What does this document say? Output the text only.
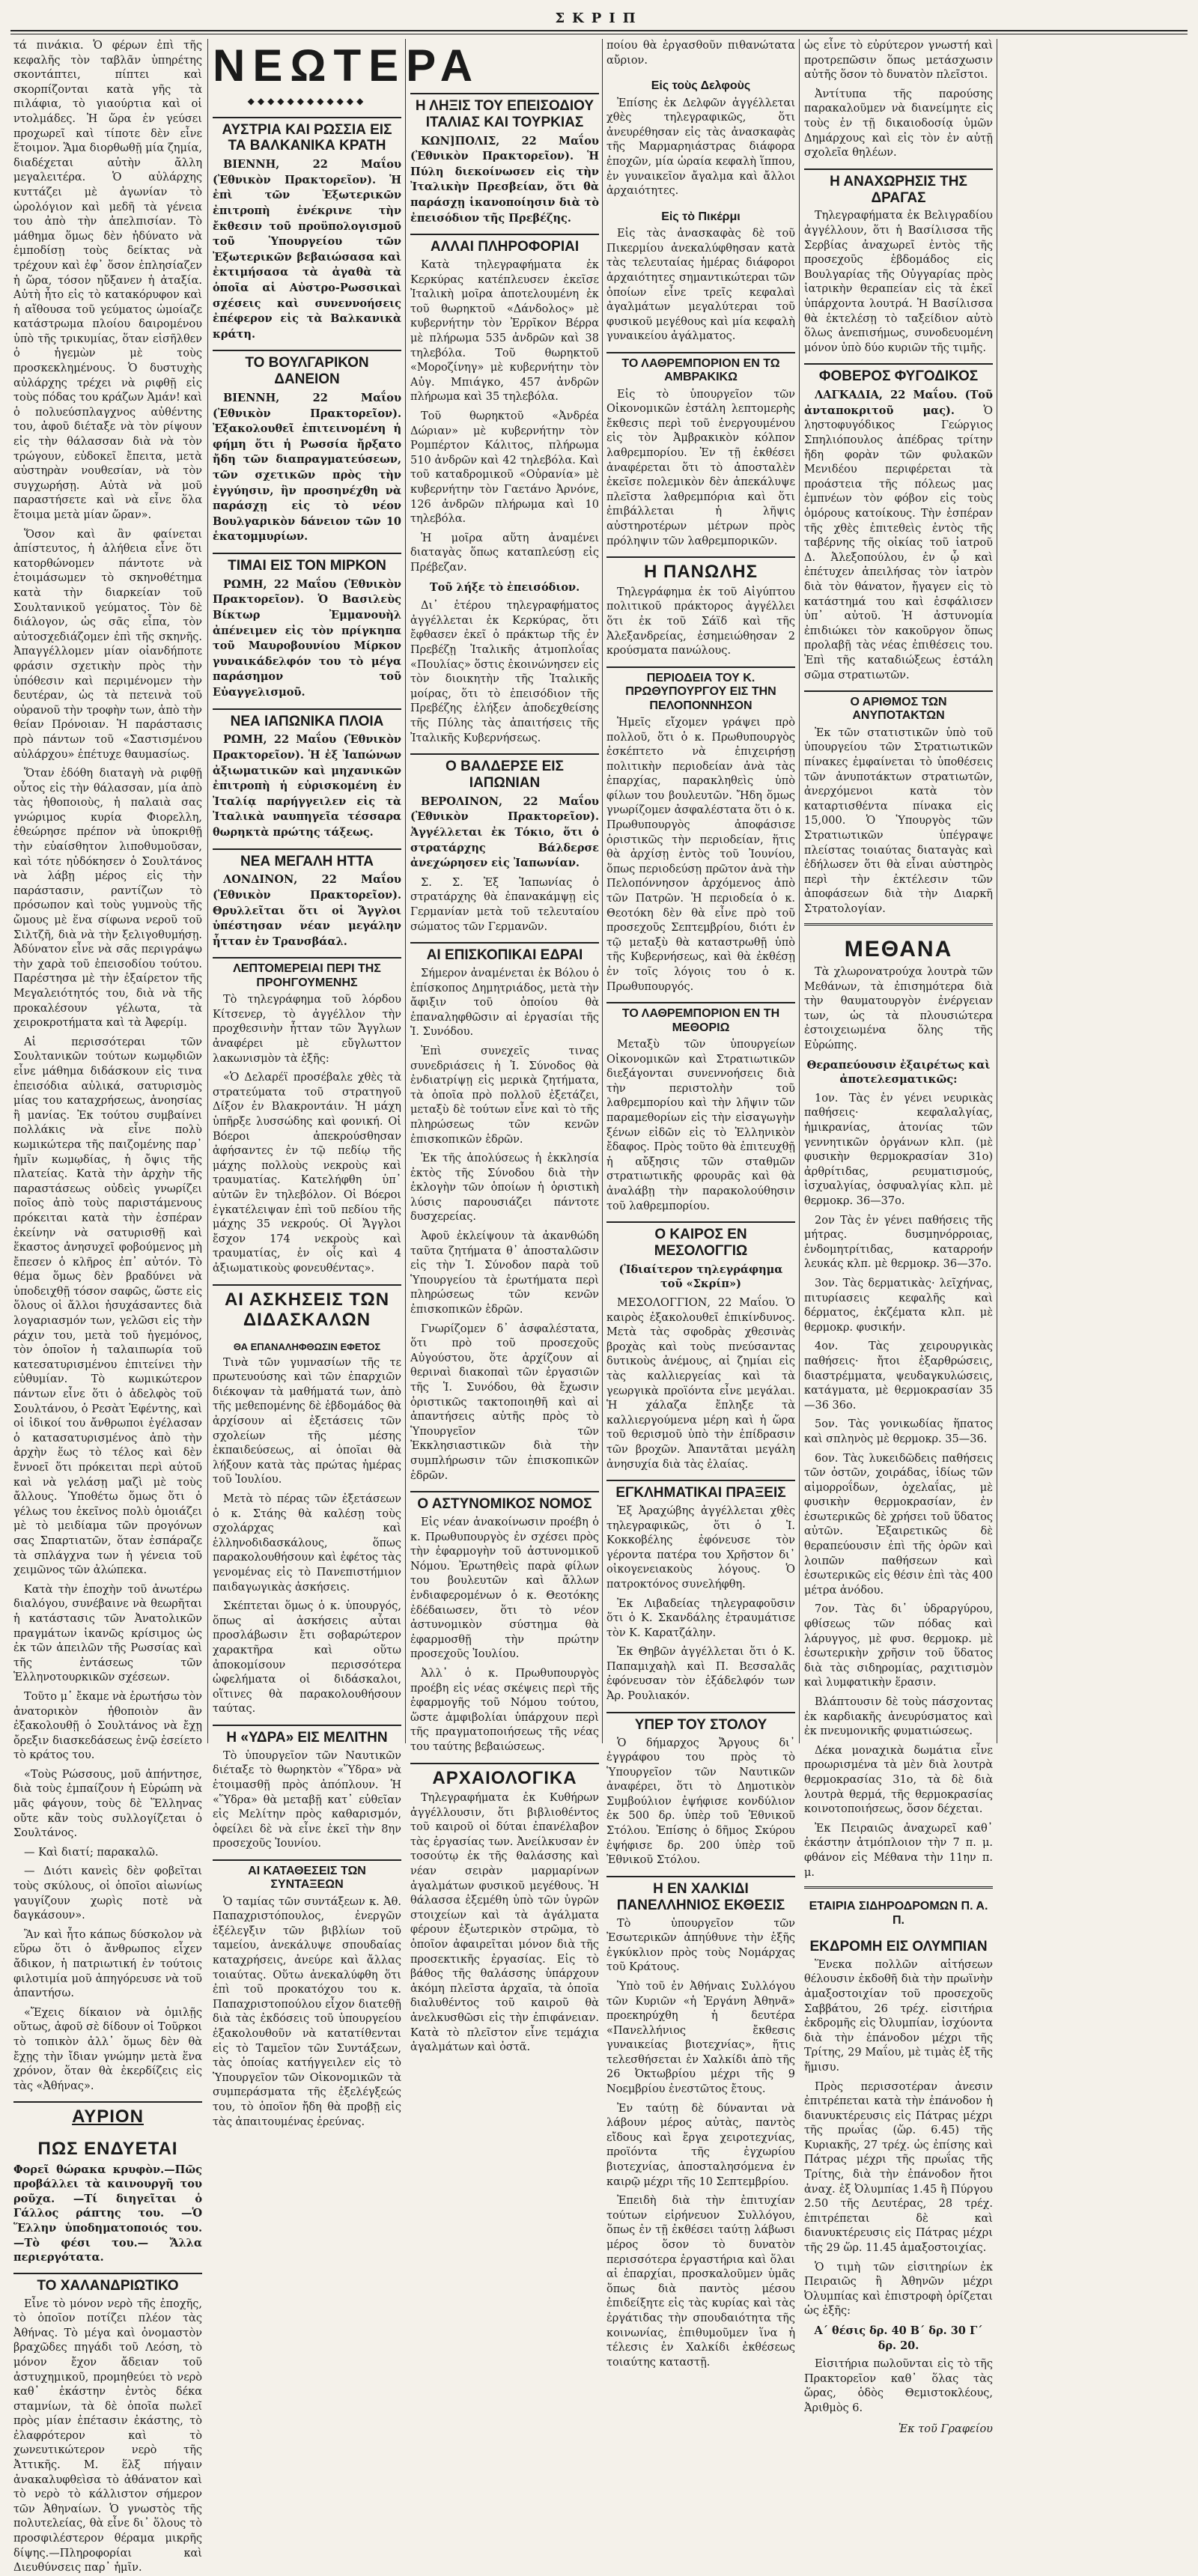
ΣΚΡΙΠ

τά πινάκια. Ὁ φέρων ἐπὶ τῆς κεφαλῆς τὸν ταβλᾶν ὑπηρέτης σκοντάπτει, πίπτει καὶ σκορπίζονται κατὰ γῆς τὰ πιλάφια, τὸ γιαούρτια καὶ οἱ ντολμάδες. Ἡ ὥρα ἐν γεύσει προχωρεῖ καὶ τίποτε δὲν εἶνε ἕτοιμον. Ἅμα διορθωθῇ μία ζημία, διαδέχεται αὐτὴν ἄλλη μεγαλειτέρα. Ὁ αὐλάρχης κυττάζει μὲ ἀγωνίαν τὸ ὡρολόγιον καὶ μεδῆ τὰ γένεια του ἀπὸ τὴν ἀπελπισίαν. Τὸ μάθημα ὅμως δὲν ἠδύνατο νὰ ἐμποδίσῃ τοὺς δείκτας νὰ τρέχουν καὶ ἐφ᾽ ὅσον ἐπλησίαζεν ἡ ὥρα, τόσον ηὔξανεν ἡ ἀταξία. Αὐτὴ ἦτο εἰς τὸ κατακόρυφον καὶ ἡ αἴθουσα τοῦ γεύματος ὡμοίαζε κατάστρωμα πλοίου δαιρομένου ὑπὸ τῆς τρικυμίας, ὅταν εἰσῆλθεν ὁ ἡγεμὼν μὲ τοὺς προσκεκλημένους. Ὁ δυστυχὴς αὐλάρχης τρέχει νὰ ριφθῇ εἰς τοὺς πόδας του κράζων Ἀμάν! καὶ ὁ πολυεύσπλαγχνος αὐθέντης του, ἀφοῦ διέταξε νὰ τὸν ρίψουν εἰς τὴν θάλασσαν διὰ νὰ τὸν τρώγουν, εὐδοκεῖ ἔπειτα, μετὰ αὐστηρὰν νουθεσίαν, νὰ τὸν συγχωρήσῃ. Αὐτὰ νὰ μοῦ παραστήσετε καὶ νὰ εἶνε ὅλα ἕτοιμα μετὰ μίαν ὥραν».

Ὅσον καὶ ἂν φαίνεται ἀπίστευτος, ἡ ἀλήθεια εἶνε ὅτι κατορθώνομεν πάντοτε νὰ ἑτοιμάσωμεν τὸ σκηνοθέτημα κατὰ τὴν διαρκείαν τοῦ Σουλτανικοῦ γεύματος. Τὸν δὲ διάλογον, ὡς σᾶς εἶπα, τὸν αὐτοσχεδιάζομεν ἐπὶ τῆς σκηνῆς. Ἀπαγγέλλομεν μίαν οἰανδήποτε φράσιν σχετικὴν πρὸς τὴν ὑπόθεσιν καὶ περιμένομεν τὴν δευτέραν, ὡς τὰ πετεινὰ τοῦ οὐρανοῦ τὴν τροφὴν των, ἀπὸ τὴν θείαν Πρόνοιαν. Ἡ παράστασις πρὸ πάντων τοῦ «Σαστισμένου αὐλάρχου» ἐπέτυχε θαυμασίως.

Ὅταν ἐδόθη διαταγὴ νὰ ριφθῇ οὗτος εἰς τὴν θάλασσαν, μία ἀπὸ τὰς ἠθοποιοὺς, ἡ παλαιὰ σας γνώριμος κυρία Φιορελλη, ἐθεώρησε πρέπον νὰ ὑποκριθῇ τὴν εὐαίσθητον λιποθυμοῦσαν, καὶ τότε ηὐδόκησεν ὁ Σουλτάνος νὰ λάβῃ μέρος εἰς τὴν παράστασιν, ραντίζων τὸ πρόσωπον καὶ τοὺς γυμνοὺς τῆς ὤμους μὲ ἕνα σίφωνα νεροῦ τοῦ Σιλτζῆ, διὰ νὰ τὴν ξελιγοθυμήσῃ. Ἀδύνατον εἶνε νὰ σᾶς περιγράψω τὴν χαρὰ τοῦ ἐπεισοδίου τούτου. Παρέστησα μὲ τὴν ἐξαίρετον τῆς Μεγαλειότητός του, διὰ νὰ τῆς προκαλέσουν γέλωτα, τὰ χειροκροτήματα καὶ τὰ Ἀφερίμ.

Αἱ περισσότεραι τῶν Σουλτανικῶν τούτων κωμῳδιῶν εἶνε μάθημα διδάσκουν εἰς τινα ἐπεισόδια αὐλικά, σατυρισμὸς μίας του καταχρήσεως, ἀνοησίας ἢ μανίας. Ἐκ τούτου συμβαίνει πολλάκις νὰ εἶνε πολὺ κωμικώτερα τῆς παιζομένης παρ᾽ ἡμῖν κωμῳδίας, ἡ ὄψις τῆς πλατείας. Κατὰ τὴν ἀρχὴν τῆς παραστάσεως οὐδεὶς γνωρίζει ποῖος ἀπὸ τοὺς παριστάμενους πρόκειται κατὰ τὴν ἐσπέραν ἐκείνην νὰ σατυρισθῇ καὶ ἕκαστος ἀνησυχεῖ φοβούμενος μὴ ἔπεσεν ὁ κλῆρος ἐπ᾽ αὐτόν. Τὸ θέμα ὅμως δὲν βραδύνει νὰ ὑποδειχθῇ τόσον σαφῶς, ὥστε εἰς ὅλους οἱ ἄλλοι ἡσυχάσαντες διὰ λογαριασμόν των, γελῶσι εἰς τὴν ράχιν του, μετὰ τοῦ ἡγεμόνος, τὸν ὁποῖον ἡ ταλαιπωρία τοῦ κατεσατυρισμένου ἐπιτείνει τὴν εὐθυμίαν. Τὸ κωμικώτερον πάντων εἶνε ὅτι ὁ ἀδελφὸς τοῦ Σουλτάνου, ὁ Ρεσὰτ Ἐφέντης, καὶ οἱ ἰδικοί του ἄνθρωποι ἐγέλασαν ὁ κατασατυρισμένος ἀπὸ τὴν ἀρχὴν ἕως τὸ τέλος καὶ δὲν ἔννοεῖ ὅτι πρόκειται περὶ αὐτοῦ καὶ νὰ γελάσῃ μαζὶ μὲ τοὺς ἄλλους. Ὑποθέτω ὅμως ὅτι ὁ γέλως του ἐκεῖνος πολὺ ὁμοιάζει μὲ τὸ μειδίαμα τῶν προγόνων σας Σπαρτιατῶν, ὅταν ἐσπάραζε τὰ σπλάγχνα των ἡ γένεια τοῦ χειμῶνος τῶν ἀλώπεκα.

Κατὰ τὴν ἐποχὴν τοῦ ἀνωτέρω διαλόγου, συνέβαινε νὰ θεωρῆται ἡ κατάστασις τῶν Ἀνατολικῶν πραγμάτων ἱκανῶς κρίσιμος ὡς ἐκ τῶν ἀπειλῶν τῆς Ρωσσίας καὶ τῆς ἐντάσεως τῶν Ἑλληνοτουρκικῶν σχέσεων.

Τοῦτο μ᾽ ἔκαμε νὰ ἐρωτήσω τὸν ἀνατορικὸν ἠθοποιὸν ἂν ἐξακολουθῇ ὁ Σουλτάνος νὰ ἔχῃ ὄρεξιν διασκεδάσεως ἐνῷ ἐσείετο τὸ κράτος του.

«Τοὺς Ρώσσους, μοῦ ἀπήντησε, διὰ τοὺς ἐμπαίζουν ἡ Εὐρώπη νὰ μᾶς φάγουν, τοὺς δὲ Ἕλληνας οὔτε κἂν τοὺς συλλογίζεται ὁ Σουλτάνος.

— Καὶ διατί; παρακαλῶ.

— Διότι κανεὶς δὲν φοβεῖται τοὺς σκύλους, οἱ ὁποῖοι αἰωνίως γαυγίζουν χωρὶς ποτὲ νὰ δαγκάσουν».

Ἂν καὶ ἦτο κάπως δύσκολον νὰ εὕρω ὅτι ὁ ἄνθρωπος εἶχεν ἄδικον, ἡ πατριωτική ἐν τούτοις φιλοτιμία μοῦ ἀπηγόρευσε νὰ τοῦ ἀπαντήσω.

«Ἔχεις δίκαιον νὰ ὁμιλῇς οὕτως, ἀφοῦ σὲ δίδουν οἱ Τοῦρκοι τὸ τοπικὸν ἀλλ᾽ ὅμως δὲν θὰ ἔχῃς τὴν ἴδιαν γνώμην μετὰ ἕνα χρόνον, ὅταν θὰ ἐκερδίζεις εἰς τὰς «Ἀθήνας».

ΑΥΡΙΟΝ
ΠΩΣ ΕΝΔΥΕΤΑΙ

Φορεῖ θώρακα κρυφὸν.—Πῶς προβάλλει τὰ καινουργῆ του ροῦχα. —Τί διηγεῖται ὁ Γάλλος ράπτης του. —Ὁ Ἕλλην ὑποδηματοποιός του.—Τὸ φέσι του.— Ἄλλα περιεργότατα.

ΤΟ ΧΑΛΑΝΔΡΙΩΤΙΚΟ

Εἶνε τὸ μόνον νερὸ τῆς ἐποχῆς, τὸ ὁποῖον ποτίζει πλέον τὰς Ἀθήνας. Τὸ μέγα καὶ ὀνομαστὸν βραχῶδες πηγάδι τοῦ Λεόση, τὸ μόνον ἔχον ἄδειαν τοῦ ἀστυχημικοῦ, προμηθεύει τὸ νερὸ καθ᾽ ἑκάστην ἐντὸς δέκα σταμνίων, τὰ δὲ ὁποῖα πωλεῖ πρὸς μίαν ἐπέτασιν ἐκάστης, τὸ ἐλαφρότερον καὶ τὸ χωνευτικώτερον νερὸ τῆς Ἀττικῆς. Μ. ἕλξ πήγαιν ἀνακαλυφθεὶσα τὸ ἀθάνατον καὶ τὸ νερὸ τὸ κάλλιστον σήμερον τῶν Ἀθηναίων. Ὁ γνωστὸς τῆς πολυτελείας, θὰ εἶνε δι᾽ ὅλους τὸ προσφιλέστερον θέραμα μικρῆς δίψης.—Πληροφορίαι καὶ Διευθύνσεις παρ᾽ ἡμῖν.

ΝΕΩΤΕΡΑ
◆◆◆◆◆◆◆◆◆◆◆◆
ΑΥΣΤΡΙΑ ΚΑΙ ΡΩΣΣΙΑ ΕΙΣ ΤΑ ΒΑΛΚΑΝΙΚΑ ΚΡΑΤΗ

ΒΙΕΝΝΗ, 22 Μαΐου (Ἐθνικὸν Πρακτορεῖον). Ἡ ἐπὶ τῶν Ἐξωτερικῶν ἐπιτροπὴ ἐνέκρινε τὴν ἔκθεσιν τοῦ προϋπολογισμοῦ τοῦ Ὑπουργείου τῶν Ἐξωτερικῶν βεβαιώσασα καὶ ἐκτιμήσασα τὰ ἀγαθὰ τὰ ὁποῖα αἱ Αὐστρο-Ρωσσικαὶ σχέσεις καὶ συνεννοήσεις ἐπέφερον εἰς τὰ Βαλκανικὰ κράτη.

ΤΟ ΒΟΥΛΓΑΡΙΚΟΝ ΔΑΝΕΙΟΝ

ΒΙΕΝΝΗ, 22 Μαΐου (Ἐθνικὸν Πρακτορεῖον). Ἐξακολουθεῖ ἐπιτεινομένη ἡ φήμη ὅτι ἡ Ρωσσία ἤρξατο ἤδη τῶν διαπραγματεύσεων, τῶν σχετικῶν πρὸς τὴν ἐγγύησιν, ἣν προσηνέχθη νὰ παράσχῃ εἰς τὸ νέον Βουλγαρικὸν δάνειον τῶν 10 ἑκατομμυρίων.

ΤΙΜΑΙ ΕΙΣ ΤΟΝ ΜΙΡΚΟΝ

ΡΩΜΗ, 22 Μαΐου (Ἐθνικὸν Πρακτορεῖον). Ὁ Βασιλεὺς Βίκτωρ Ἐμμανουὴλ ἀπένειμεν εἰς τὸν πρίγκηπα τοῦ Μαυροβουνίου Μίρκον γυναικάδελφόν του τὸ μέγα παράσημον τοῦ Εὐαγγελισμοῦ.

ΝΕΑ ΙΑΠΩΝΙΚΑ ΠΛΟΙΑ

ΡΩΜΗ, 22 Μαΐου (Ἐθνικὸν Πρακτορεῖον). Ἡ ἐξ Ἰαπώνων ἀξιωματικῶν καὶ μηχανικῶν ἐπιτροπὴ ἡ εὑρισκομένη ἐν Ἰταλίᾳ παρήγγειλεν εἰς τὰ Ἰταλικὰ ναυπηγεῖα τέσσαρα θωρηκτὰ πρώτης τάξεως.

ΝΕΑ ΜΕΓΑΛΗ ΗΤΤΑ

ΛΟΝΔΙΝΟΝ, 22 Μαΐου (Ἐθνικὸν Πρακτορεῖον). Θρυλλεῖται ὅτι οἱ Ἄγγλοι ὑπέστησαν νέαν μεγάλην ἧτταν ἐν Τρανσβάαλ.

ΛΕΠΤΟΜΕΡΕΙΑΙ ΠΕΡΙ ΤΗΣ ΠΡΟΗΓΟΥΜΕΝΗΣ

Τὸ τηλεγράφημα τοῦ λόρδου Κίτσενερ, τὸ ἀγγέλλον τὴν προχθεσινὴν ἧτταν τῶν Ἄγγλων ἀναφέρει μὲ εὔγλωττον λακωνισμὸν τὰ ἑξῆς:

«Ὁ Δελαρέϊ προσέβαλε χθὲς τὰ στρατεύματα τοῦ στρατηγοῦ Δίξον ἐν Βλακροντάιν. Ἡ μάχη ὑπῆρξε λυσσώδης καὶ φονική. Οἱ Βόεροι ἀπεκρούσθησαν ἀφήσαντες ἐν τῷ πεδίῳ τῆς μάχης πολλοὺς νεκροὺς καὶ τραυματίας. Κατελήφθη ὑπ᾽ αὐτῶν ἓν τηλεβόλον. Οἱ Βόεροι ἐγκατέλειψαν ἐπὶ τοῦ πεδίου τῆς μάχης 35 νεκρούς. Οἱ Ἄγγλοι ἔσχον 174 νεκροὺς καὶ τραυματίας, ἐν οἷς καὶ 4 ἀξιωματικοὺς φονευθέντας».

ΑΙ ΑΣΚΗΣΕΙΣ ΤΩΝ ΔΙΔΑΣΚΑΛΩΝ
ΘΑ ΕΠΑΝΑΛΗΦΘΩΣΙΝ ΕΦΕΤΟΣ

Τινὰ τῶν γυμνασίων τῆς τε πρωτευούσης καὶ τῶν ἐπαρχιῶν διέκοψαν τὰ μαθήματά των, ἀπὸ τῆς μεθεπομένης δὲ ἑβδομάδος θὰ ἀρχίσουν αἱ ἐξετάσεις τῶν σχολείων τῆς μέσης ἐκπαιδεύσεως, αἱ ὁποῖαι θὰ λήξουν κατὰ τὰς πρώτας ἡμέρας τοῦ Ἰουλίου.

Μετὰ τὸ πέρας τῶν ἐξετάσεων ὁ κ. Στάης θὰ καλέσῃ τοὺς σχολάρχας καὶ ἑλληνοδιδασκάλους, ὅπως παρακολουθήσουν καὶ ἐφέτος τὰς γενομένας εἰς τὸ Πανεπιστήμιον παιδαγωγικὰς ἀσκήσεις.

Σκέπτεται ὅμως ὁ κ. ὑπουργός, ὅπως αἱ ἀσκήσεις αὗται προσλάβωσιν ἔτι σοβαρώτερον χαρακτῆρα καὶ οὕτω ἀποκομίσουν περισσότερα ὠφελήματα οἱ διδάσκαλοι, οἵτινες θὰ παρακολουθήσουν ταύτας.

Η «ΥΔΡΑ» ΕΙΣ ΜΕΛΙΤΗΝ

Τὸ ὑπουργεῖον τῶν Ναυτικῶν διέταξε τὸ θωρηκτὸν «Ὕδρα» νὰ ἑτοιμασθῇ πρὸς ἀπόπλουν. Ἡ «Ὕδρα» θὰ μεταβῇ κατ᾽ εὐθεῖαν εἰς Μελίτην πρὸς καθαρισμόν, ὀφείλει δὲ νὰ εἶνε ἐκεῖ τὴν 8ην προσεχοῦς Ἰουνίου.

ΑΙ ΚΑΤΑΘΕΣΕΙΣ ΤΩΝ ΣΥΝΤΑΞΕΩΝ

Ὁ ταμίας τῶν συντάξεων κ. Ἀθ. Παπαχριστόπουλος, ἐνεργῶν ἐξέλεγξιν τῶν βιβλίων τοῦ ταμείου, ἀνεκάλυψε σπουδαίας καταχρήσεις, ἀνεύρε καὶ ἄλλας τοιαύτας. Οὕτω ἀνεκαλύφθη ὅτι ἐπὶ τοῦ προκατόχου του κ. Παπαχριστοπούλου εἶχον διατεθῇ διὰ τὰς ἐκδόσεις τοῦ ὑπουργείου ἐξακολουθοῦν νὰ κατατίθενται εἰς τὸ Ταμεῖον τῶν Συντάξεων, τὰς ὁποίας κατήγγειλεν εἰς τὸ Ὑπουργεῖον τῶν Οἰκονομικῶν τὰ συμπεράσματα τῆς ἐξελέγξεώς του, τὸ ὁποῖον ἤδη θὰ προβῇ εἰς τὰς ἀπαιτουμένας ἐρεύνας.

Η ΛΗΞΙΣ ΤΟΥ ΕΠΕΙΣΟΔΙΟΥ ΙΤΑΛΙΑΣ ΚΑΙ ΤΟΥΡΚΙΑΣ

ΚΩΝ]ΠΟΛΙΣ, 22 Μαΐου (Ἐθνικὸν Πρακτορεῖον). Ἡ Πύλη διεκοίνωσεν εἰς τὴν Ἰταλικὴν Πρεσβείαν, ὅτι θὰ παράσχῃ ἱκανοποίησιν διὰ τὸ ἐπεισόδιον τῆς Πρεβέζης.

ΑΛΛΑΙ ΠΛΗΡΟΦΟΡΙΑΙ

Κατὰ τηλεγραφήματα ἐκ Κερκύρας κατέπλευσεν ἐκεῖσε Ἰταλικὴ μοῖρα ἀποτελουμένη ἐκ τοῦ θωρηκτοῦ «Δάνδολος» μὲ κυβερνήτην τὸν Ἐρρῖκον Βέρρα μὲ πλήρωμα 535 ἀνδρῶν καὶ 38 τηλεβόλα. Τοῦ θωρηκτοῦ «Μοροζίνηγ» μὲ κυβερνήτην τὸν Αὐγ. Μπιάγκο, 457 ἀνδρῶν πλήρωμα καὶ 35 τηλεβόλα.

Τοῦ θωρηκτοῦ «Ἀνδρέα Δώριαν» μὲ κυβερνήτην τὸν Ρομπέρτον Κάλιτος, πλήρωμα 510 ἀνδρῶν καὶ 42 τηλεβόλα. Καὶ τοῦ καταδρομικοῦ «Οὐρανία» μὲ κυβερνήτην τὸν Γαετάνο Ἀρνόνε, 126 ἀνδρῶν πλήρωμα καὶ 10 τηλεβόλα.

Ἡ μοῖρα αὕτη ἀναμένει διαταγὰς ὅπως καταπλεύσῃ εἰς Πρέβεζαν.

Τοῦ λήξε τὸ ἐπεισόδιον.

Δι᾽ ἑτέρου τηλεγραφήματος ἀγγέλλεται ἐκ Κερκύρας, ὅτι ἔφθασεν ἐκεῖ ὁ πράκτωρ τῆς ἐν Πρεβέζῃ Ἰταλικῆς ἀτμοπλοΐας «Πουλίας» ὅστις ἐκοινώνησεν εἰς τὸν διοικητὴν τῆς Ἰταλικῆς μοίρας, ὅτι τὸ ἐπεισόδιον τῆς Πρεβέζης ἐλήξεν ἀποδεχθείσης τῆς Πύλης τὰς ἀπαιτήσεις τῆς Ἰταλικῆς Κυβερνήσεως.

Ο ΒΑΛΔΕΡΣΕ ΕΙΣ ΙΑΠΩΝΙΑΝ

ΒΕΡΟΛΙΝΟΝ, 22 Μαΐου (Ἐθνικὸν Πρακτορεῖον). Ἀγγέλλεται ἐκ Τόκιο, ὅτι ὁ στρατάρχης Βάλδερσε ἀνεχώρησεν εἰς Ἰαπωνίαν.

Σ. Σ. Ἐξ Ἰαπωνίας ὁ στρατάρχης θὰ ἐπανακάμψῃ εἰς Γερμανίαν μετὰ τοῦ τελευταίου σώματος τῶν Γερμανῶν.

ΑΙ ΕΠΙΣΚΟΠΙΚΑΙ ΕΔΡΑΙ

Σήμερον ἀναμένεται ἐκ Βόλου ὁ ἐπίσκοπος Δημητριάδος, μετὰ τὴν ἄφιξιν τοῦ ὁποίου θὰ ἐπαναληφθῶσιν αἱ ἐργασίαι τῆς Ἱ. Συνόδου.

Ἐπὶ συνεχεῖς τινας συνεδριάσεις ἡ Ἱ. Σύνοδος θὰ ἐνδιατρίψῃ εἰς μερικὰ ζητήματα, τὰ ὁποῖα πρὸ πολλοῦ ἐξετάζει, μεταξὺ δὲ τούτων εἶνε καὶ τὸ τῆς πληρώσεως τῶν κενῶν ἐπισκοπικῶν ἑδρῶν.

Ἐκ τῆς ἀπολύσεως ἡ ἐκκλησία ἐκτὸς τῆς Σύνοδου διὰ τὴν ἐκλογὴν τῶν ὁποίων ἡ ὁριστικὴ λύσις παρουσιάζει πάντοτε δυσχερείας.

Ἀφοῦ ἐκλείψουν τὰ ἀκανθώδη ταῦτα ζητήματα θ᾽ ἀποσταλῶσιν εἰς τὴν Ἱ. Σύνοδον παρὰ τοῦ Ὑπουργείου τὰ ἐρωτήματα περὶ πληρώσεως τῶν κενῶν ἐπισκοπικῶν ἑδρῶν.

Γνωρίζομεν δ᾽ ἀσφαλέστατα, ὅτι πρὸ τοῦ προσεχοῦς Αὐγούστου, ὅτε ἀρχίζουν αἱ θεριναὶ διακοπαὶ τῶν ἐργασιῶν τῆς Ἱ. Συνόδου, θὰ ἔχωσιν ὁριστικῶς τακτοποιηθῆ καὶ αἱ ἀπαντήσεις αὐτῆς πρὸς τὸ Ὑπουργεῖον τῶν Ἐκκλησιαστικῶν διὰ τὴν συμπλήρωσιν τῶν ἐπισκοπικῶν ἑδρῶν.

Ο ΑΣΤΥΝΟΜΙΚΟΣ ΝΟΜΟΣ

Εἰς νέαν ἀνακοίνωσιν προέβη ὁ κ. Πρωθυπουργὸς ἐν σχέσει πρὸς τὴν ἐφαρμογὴν τοῦ ἀστυνομικοῦ Νόμου. Ἐρωτηθεὶς παρὰ φίλων του βουλευτῶν καὶ ἄλλων ἐνδιαφερομένων ὁ κ. Θεοτόκης ἐδέδαιωσεν, ὅτι τὸ νέον ἀστυνομικὸν σύστημα θὰ ἐφαρμοσθῇ τὴν πρώτην προσεχοῦς Ἰουλίου.

Ἀλλ᾽ ὁ κ. Πρωθυπουργὸς προέβη εἰς νέας σκέψεις περὶ τῆς ἐφαρμογῆς τοῦ Νόμου τούτου, ὥστε ἀμφιβολίαι ὑπάρχουν περὶ τῆς πραγματοποιήσεως τῆς νέας του ταύτης βεβαιώσεως.

ΑΡΧΑΙΟΛΟΓΙΚΑ

Τηλεγραφήματα ἐκ Κυθήρων ἀγγέλλουσιν, ὅτι βιβλιοθέντος τοῦ καιροῦ οἱ δύται ἐπανέλαβον τὰς ἐργασίας των. Ἀνείλκυσαν ἐν τοσούτῳ ἐκ τῆς θαλάσσης καὶ νέαν σειρὰν μαρμαρίνων ἀγαλμάτων φυσικοῦ μεγέθους. Ἡ θάλασσα ἐξεμέθη ὑπὸ τῶν ὑγρῶν στοιχείων καὶ τὰ ἀγάλματα φέρουν ἐξωτερικὸν στρῶμα, τὸ ὁποῖον ἀφαιρεῖται μόνον διὰ τῆς προσεκτικῆς ἐργασίας. Εἰς τὸ βάθος τῆς θαλάσσης ὑπάρχουν ἀκόμη πλεῖστα ἀρχαῖα, τὰ ὁποῖα διαλυθέντος τοῦ καιροῦ θὰ ἀνελκυσθῶσι εἰς τὴν ἐπιφάνειαν. Κατὰ τὸ πλεῖστον εἶνε τεμάχια ἀγαλμάτων καὶ ὀστᾶ.

ποίου θὰ ἐργασθοῦν πιθανώτατα αὔριον.

Εἰς τοὺς Δελφοὺς

Ἐπίσης ἐκ Δελφῶν ἀγγέλλεται χθὲς τηλεγραφικῶς, ὅτι ἀνευρέθησαν εἰς τὰς ἀνασκαφὰς τῆς Μαρμαρηιάστρας διάφορα ἐποχῶν, μία ὡραία κεφαλὴ ἵππου, ἐν γυναικεῖον ἄγαλμα καὶ ἄλλοι ἀρχαιότητες.

Εἰς τὸ Πικέρμι

Εἰς τὰς ἀνασκαφὰς δὲ τοῦ Πικερμίου ἀνεκαλύφθησαν κατὰ τὰς τελευταίας ἡμέρας διάφοροι ἀρχαιότητες σημαντικώτεραι τῶν ὁποίων εἶνε τρεῖς κεφαλαὶ ἀγαλμάτων μεγαλύτεραι τοῦ φυσικοῦ μεγέθους καὶ μία κεφαλὴ γυναικείου ἀγάλματος.

ΤΟ ΛΑΘΡΕΜΠΟΡΙΟΝ ΕΝ ΤΩ ΑΜΒΡΑΚΙΚΩ

Εἰς τὸ ὑπουργεῖον τῶν Οἰκονομικῶν ἐστάλη λεπτομερὴς ἔκθεσις περὶ τοῦ ἐνεργουμένου εἰς τὸν Ἀμβρακικὸν κόλπον λαθρεμπορίου. Ἐν τῇ ἐκθέσει ἀναφέρεται ὅτι τὸ ἀποσταλὲν ἐκεῖσε πολεμικὸν δὲν ἀπεκάλυψε πλεῖστα λαθρεμπόρια καὶ ὅτι ἐπιβάλλεται ἡ λῆψις αὐστηροτέρων μέτρων πρὸς πρόληψιν τῶν λαθρεμπορικῶν.

Η ΠΑΝΩΛΗΣ

Τηλεγράφημα ἐκ τοῦ Αἰγύπτου πολιτικοῦ πράκτορος ἀγγέλλει ὅτι ἐκ τοῦ Σάϊδ καὶ τῆς Ἀλεξανδρείας, ἐσημειώθησαν 2 κρούσματα πανώλους.

ΠΕΡΙΟΔΕΙΑ ΤΟΥ Κ. ΠΡΩΘΥΠΟΥΡΓΟΥ ΕΙΣ ΤΗΝ ΠΕΛΟΠΟΝΝΗΣΟΝ

Ἡμεῖς εἴχομεν γράψει πρὸ πολλοῦ, ὅτι ὁ κ. Πρωθυπουργὸς ἐσκέπτετο νὰ ἐπιχειρήσῃ πολιτικὴν περιοδείαν ἀνὰ τὰς ἐπαρχίας, παρακληθεὶς ὑπὸ φίλων του βουλευτῶν. Ἤδη ὅμως γνωρίζομεν ἀσφαλέστατα ὅτι ὁ κ. Πρωθυπουργὸς ἀποφάσισε ὁριστικῶς τὴν περιοδείαν, ἥτις θὰ ἀρχίσῃ ἐντὸς τοῦ Ἰουνίου, ὅπως περιοδεύσῃ πρῶτον ἀνὰ τὴν Πελοπόννησον ἀρχόμενος ἀπὸ τῶν Πατρῶν. Ἡ περιοδεία ὁ κ. Θεοτόκη δὲν θὰ εἶνε πρὸ τοῦ προσεχοῦς Σεπτεμβρίου, διότι ἐν τῷ μεταξὺ θὰ καταστρωθῇ ὑπὸ τῆς Κυβερνήσεως, καὶ θὰ ἐκθέσῃ ἐν τοῖς λόγοις του ὁ κ. Πρωθυπουργός.

ΤΟ ΛΑΘΡΕΜΠΟΡΙΟΝ ΕΝ ΤΗ ΜΕΘΟΡΙΩ

Μεταξὺ τῶν ὑπουργείων Οἰκονομικῶν καὶ Στρατιωτικῶν διεξάγονται συνεννοήσεις διὰ τὴν περιστολὴν τοῦ λαθρεμπορίου καὶ τὴν λῆψιν τῶν παραμεθορίων εἰς τὴν εἰσαγωγὴν ξένων εἰδῶν εἰς τὸ Ἑλληνικὸν ἔδαφος. Πρὸς τοῦτο θὰ ἐπιτευχθῇ ἡ αὔξησις τῶν σταθμῶν στρατιωτικῆς φρουρᾶς καὶ θὰ ἀναλάβῃ τὴν παρακολούθησιν τοῦ λαθρεμπορίου.

Ο ΚΑΙΡΟΣ ΕΝ ΜΕΣΟΛΟΓΓΙΩ

(Ἰδιαίτερον τηλεγράφημα τοῦ «Σκρίπ»)

ΜΕΣΟΛΟΓΓΙΟΝ, 22 Μαΐου. Ὁ καιρὸς ἐξακολουθεῖ ἐπικίνδυνος. Μετὰ τὰς σφοδρὰς χθεσινὰς βροχὰς καὶ τοὺς πνεύσαντας δυτικοὺς ἀνέμους, αἱ ζημίαι εἰς τὰς καλλιεργείας καὶ τὰ γεωργικὰ προϊόντα εἶνε μεγάλαι. Ἡ χάλαζα ἔπληξε τὰ καλλιεργούμενα μέρη καὶ ἡ ὥρα τοῦ θερισμοῦ ὑπὸ τὴν ἐπίδρασιν τῶν βροχῶν. Ἀπαντᾶται μεγάλη ἀνησυχία διὰ τὰς ἐλαίας.

ΕΓΚΛΗΜΑΤΙΚΑΙ ΠΡΑΞΕΙΣ

Ἐξ Ἀραχώβης ἀγγέλλεται χθὲς τηλεγραφικῶς, ὅτι ὁ Ἰ. Κοκκοβέλης ἐφόνευσε τὸν γέροντα πατέρα του Χρῆστον δι᾽ οἰκογενειακοὺς λόγους. Ὁ πατροκτόνος συνελήφθη.

Ἐκ Λιβαδείας τηλεγραφοῦσιν ὅτι ὁ Κ. Σκανδάλης ἐτραυμάτισε τὸν Κ. Καρατζάλην.

Ἐκ Θηβῶν ἀγγέλλεται ὅτι ὁ Κ. Παπαμιχαὴλ καὶ Π. Βεσσαλᾶς ἐφόνευσαν τὸν ἐξάδελφόν των Ἀρ. Ρουλιακόν.

ΥΠΕΡ ΤΟΥ ΣΤΟΛΟΥ

Ὁ δήμαρχος Ἄργους δι᾽ ἐγγράφου του πρὸς τὸ Ὑπουργεῖον τῶν Ναυτικῶν ἀναφέρει, ὅτι τὸ Δημοτικὸν Συμβούλιον ἐψήφισε κονδύλιον ἐκ 500 δρ. ὑπὲρ τοῦ Ἐθνικοῦ Στόλου. Ἐπίσης ὁ δῆμος Σκύρου ἐψήφισε δρ. 200 ὑπὲρ τοῦ Ἐθνικοῦ Στόλου.

Η ΕΝ ΧΑΛΚΙΔΙ ΠΑΝΕΛΛΗΝΙΟΣ ΕΚΘΕΣΙΣ

Τὸ ὑπουργεῖον τῶν Ἐσωτερικῶν ἀπηύθυνε τὴν ἑξῆς ἐγκύκλιον πρὸς τοὺς Νομάρχας τοῦ Κράτους.

Ὑπὸ τοῦ ἐν Ἀθήναις Συλλόγου τῶν Κυριῶν «ἡ Ἐργάνη Ἀθηνᾶ» προεκηρύχθη ἡ δευτέρα «Πανελλήνιος ἔκθεσις γυναικείας βιοτεχνίας», ἥτις τελεσθήσεται ἐν Χαλκίδι ἀπὸ τῆς 26 Ὀκτωβρίου μέχρι τῆς 9 Νοεμβρίου ἐνεστῶτος ἔτους.

Ἐν ταύτῃ δὲ δύνανται νὰ λάβουν μέρος αὐτὰς, παντὸς εἴδους καὶ ἔργα χειροτεχνίας, προϊόντα τῆς ἐγχωρίου βιοτεχνίας, ἀποσταλησόμενα ἐν καιρῷ μέχρι τῆς 10 Σεπτεμβρίου.

Ἐπειδὴ διὰ τὴν ἐπιτυχίαν τούτων εἰρήνευον Συλλόγου, ὅπως ἐν τῇ ἐκθέσει ταύτῃ λάβωσι μέρος ὅσον τὸ δυνατὸν περισσότερα ἐργαστήρια καὶ ὅλαι αἱ ἐπαρχίαι, προσκαλοῦμεν ὑμᾶς ὅπως διὰ παντὸς μέσου ἐπιδείξητε εἰς τὰς κυρίας καὶ τὰς ἐργάτιδας τὴν σπουδαιότητα τῆς κοινωνίας, ἐπιθυμοῦμεν ἵνα ἡ τέλεσις ἐν Χαλκίδι ἐκθέσεως τοιαύτης καταστῇ.

ὡς εἶνε τὸ εὐρύτερον γνωστή καὶ προτρεπῶσιν ὅπως μετάσχωσιν αὐτῆς ὅσον τὸ δυνατὸν πλεῖστοι.

Ἀντίτυπα τῆς παρούσης παρακαλοῦμεν νὰ διανείμητε εἰς τοὺς ἐν τῇ δικαιοδοσίᾳ ὑμῶν Δημάρχους καὶ εἰς τὸν ἐν αὐτῇ σχολεῖα θηλέων.

Η ΑΝΑΧΩΡΗΣΙΣ ΤΗΣ ΔΡΑΓΑΣ

Τηλεγραφήματα ἐκ Βελιγραδίου ἀγγέλλουν, ὅτι ἡ Βασίλισσα τῆς Σερβίας ἀναχωρεῖ ἐντὸς τῆς προσεχοῦς ἑβδομάδος εἰς Βουλγαρίας τῆς Οὐγγαρίας πρὸς ἰατρικὴν θεραπείαν εἰς τὰ ἐκεῖ ὑπάρχοντα λουτρά. Ἡ Βασίλισσα θὰ ἐκτελέσῃ τὸ ταξείδιον αὐτὸ ὅλως ἀνεπισήμως, συνοδευομένη μόνον ὑπὸ δύο κυριῶν τῆς τιμῆς.

ΦΟΒΕΡΟΣ ΦΥΓΟΔΙΚΟΣ

ΛΑΓΚΑΔΙΑ, 22 Μαΐου. (Τοῦ ἀνταποκριτοῦ μας).	Ὁ ληστοφυγόδικος Γεώργιος Σπηλιόπουλος ἀπέδρας τρίτην ἤδη φορὰν τῶν φυλακῶν Μενιδέου περιφέρεται τὰ προάστεια τῆς πόλεως μας ἐμπνέων τὸν φόβον εἰς τοὺς ὁμόρους κατοίκους. Τὴν ἐσπέραν τῆς χθὲς ἐπιτεθεὶς ἐντὸς τῆς ταβέρνης τῆς οἰκίας τοῦ ἰατροῦ Δ. Ἀλεξοπούλου, ἐν ᾧ καὶ ἐπέτυχεν ἀπειλήσας τὸν ἰατρὸν διὰ τὸν θάνατον, ἤγαγεν εἰς τὸ κατάστημά του καὶ ἐσφάλισεν ὑπ᾽ αὐτοῦ. Ἡ ἀστυνομία ἐπιδιώκει τὸν κακοῦργον ὅπως προλαβῇ τὰς νέας ἐπιθέσεις του. Ἐπὶ τῆς καταδιώξεως ἐστάλη σῶμα στρατιωτῶν.

Ο ΑΡΙΘΜΟΣ ΤΩΝ ΑΝΥΠΟΤΑΚΤΩΝ

Ἐκ τῶν στατιστικῶν ὑπὸ τοῦ ὑπουργείου τῶν Στρατιωτικῶν πίνακες ἐμφαίνεται τὸ ὑποθέσεις τῶν ἀνυποτάκτων στρατιωτῶν, ἀνερχόμενοι κατὰ τὸν καταρτισθέντα πίνακα εἰς 15,000. Ὁ Ὑπουργὸς τῶν Στρατιωτικῶν ὑπέγραψε πλείστας τοιαύτας διαταγὰς καὶ ἐδήλωσεν ὅτι θὰ εἶναι αὐστηρὸς περὶ τὴν ἐκτέλεσιν τῶν ἀποφάσεων διὰ τὴν Διαρκῆ Στρατολογίαν.

ΜΕΘΑΝΑ

Τὰ χλωρονατρούχα λουτρὰ τῶν Μεθάνων, τὰ ἐπισημότερα διὰ τὴν θαυματουργὸν ἐνέργειαν των, ὡς τὰ πλουσιώτερα ἐστοιχειωμένα ὅλης τῆς Εὐρώπης.

Θεραπεύουσιν ἐξαιρέτως καὶ ἀποτελεσματικῶς:

1ον. Τὰς ἐν γένει νευρικὰς παθήσεις· κεφαλαλγίας, ἡμικρανίας, ἀτονίας τῶν γεννητικῶν ὀργάνων κλπ. (μὲ φυσικὴν θερμοκρασίαν 31ο) ἀρθρίτιδας, ρευματισμούς, ἰσχυαλγίας, ὀσφυαλγίας κλπ. μὲ θερμοκρ. 36—37ο.

2ον Τὰς ἐν γένει παθήσεις τῆς μήτρας. δυσμηνόρροιας, ἐνδομητρίτιδας, καταρροήν λευκάς κλπ. μὲ θερμοκρ. 36—37ο.

3ον. Τὰς δερματικὰς· λεῖχήνας, πιτυρίασεις κεφαλῆς καὶ δέρματος, ἐκζέματα κλπ. μὲ θερμοκρ. φυσικήν.

4ον. Τὰς χειρουργικὰς παθήσεις· ἤτοι ἐξαρθρώσεις, διαστρέμματα, ψευδαγκυλώσεις, κατάγματα, μὲ θερμοκρασίαν 35—36 36ο.

5ον. Τὰς γονικωδίας ἥπατος καὶ σπληνὸς μὲ θερμοκρ. 35—36.

6ον. Τὰς λυκειδῶδεις παθήσεις τῶν ὀστῶν, χοιράδας, ἰδίως τῶν αἰμορροΐδων, ὀχελαΐας, μὲ φυσικὴν θερμοκρασίαν, ἐν ἐσωτερικῶς δὲ χρήσει τοῦ ὕδατος αὐτῶν. Ἐξαιρετικῶς δὲ θεραπεύουσιν ἐπὶ τῆς ὀρῶν καὶ λοιπῶν παθήσεων καὶ ἐσωτερικῶς εἰς θέσιν ἐπὶ τὰς 400 μέτρα ἀνόδου.

7ον. Τὰς δι᾽ ὑδραργύρου, φθίσεως τῶν πόδας καὶ λάρυγγος, μὲ φυσ. θερμοκρ. μὲ ἐσωτερικὴν χρῆσιν τοῦ ὕδατος διὰ τὰς σιδηρομίας, ραχιτισμὸν καὶ λυμφατικὴν ἕρασιν.

Βλάπτουσιν δὲ τοὺς πάσχοντας ἐκ καρδιακῆς ἀνευρύσματος καὶ ἐκ πνευμονικῆς φυματιώσεως.

Δέκα μοναχικὰ δωμάτια εἶνε προωρισμένα τὰ μὲν διὰ λουτρὰ θερμοκρασίας 31ο, τὰ δὲ διὰ λουτρὰ θερμά, τῆς θερμοκρασίας κοινοτοποιήσεως, ὅσον δέχεται.

Ἐκ Πειραιῶς ἀναχωρεῖ καθ᾽ ἑκάστην ἀτμόπλοιον τὴν 7 π. μ. φθάνον εἰς Μέθανα τὴν 11ην π. μ.

ΕΤΑΙΡΙΑ ΣΙΔΗΡΟΔΡΟΜΩΝ Π. Α. Π.
ΕΚΔΡΟΜΗ ΕΙΣ ΟΛΥΜΠΙΑΝ

Ἕνεκα πολλῶν αἰτήσεων θέλουσιν ἐκδοθῆ διὰ τὴν πρωϊνὴν ἀμαξοστοιχίαν τοῦ προσεχοῦς Σαββάτου, 26 τρέχ. εἰσιτήρια ἐκδρομῆς εἰς Ὀλυμπίαν, ἰσχύοντα διὰ τὴν ἐπάνοδον μέχρι τῆς Τρίτης, 29 Μαΐου, μὲ τιμὰς ἐξ τῆς ἥμισυ.

Πρὸς περισσοτέραν ἀνεσιν ἐπιτρέπεται κατὰ τὴν ἐπάνοδον ἡ διανυκτέρευσις εἰς Πάτρας μέχρι τῆς πρωΐας (ὥρ. 6.45) τῆς Κυριακῆς, 27 τρέχ. ὡς ἐπίσης καὶ Πάτρας μέχρι τῆς πρωΐας τῆς Τρίτης, διὰ τὴν ἐπάνοδον ἤτοι ἀναχ. ἐξ Ὀλυμπίας 1.45 ἢ Πύργου 2.50 τῆς Δευτέρας, 28 τρέχ. ἐπιτρέπεται δὲ καὶ διανυκτέρευσις εἰς Πάτρας μέχρι τῆς 29 ὥρ. 11.45 ἀμαξοστοιχίας.

Ὁ τιμὴ τῶν εἰσιτηρίων ἐκ Πειραιῶς ἢ Ἀθηνῶν μέχρι Ὀλυμπίας καὶ ἐπιστροφὴ ὁρίζεται ὡς ἑξῆς:

Α΄ θέσις δρ. 40 Β΄ δρ. 30 Γ΄ δρ. 20.

Εἰσιτήρια πωλοῦνται εἰς τὸ τῆς Πρακτορεῖον καθ᾽ ὅλας τὰς ὥρας, ὁδὸς Θεμιστοκλέους, Ἀριθμὸς 6.

Ἐκ τοῦ Γραφείου
